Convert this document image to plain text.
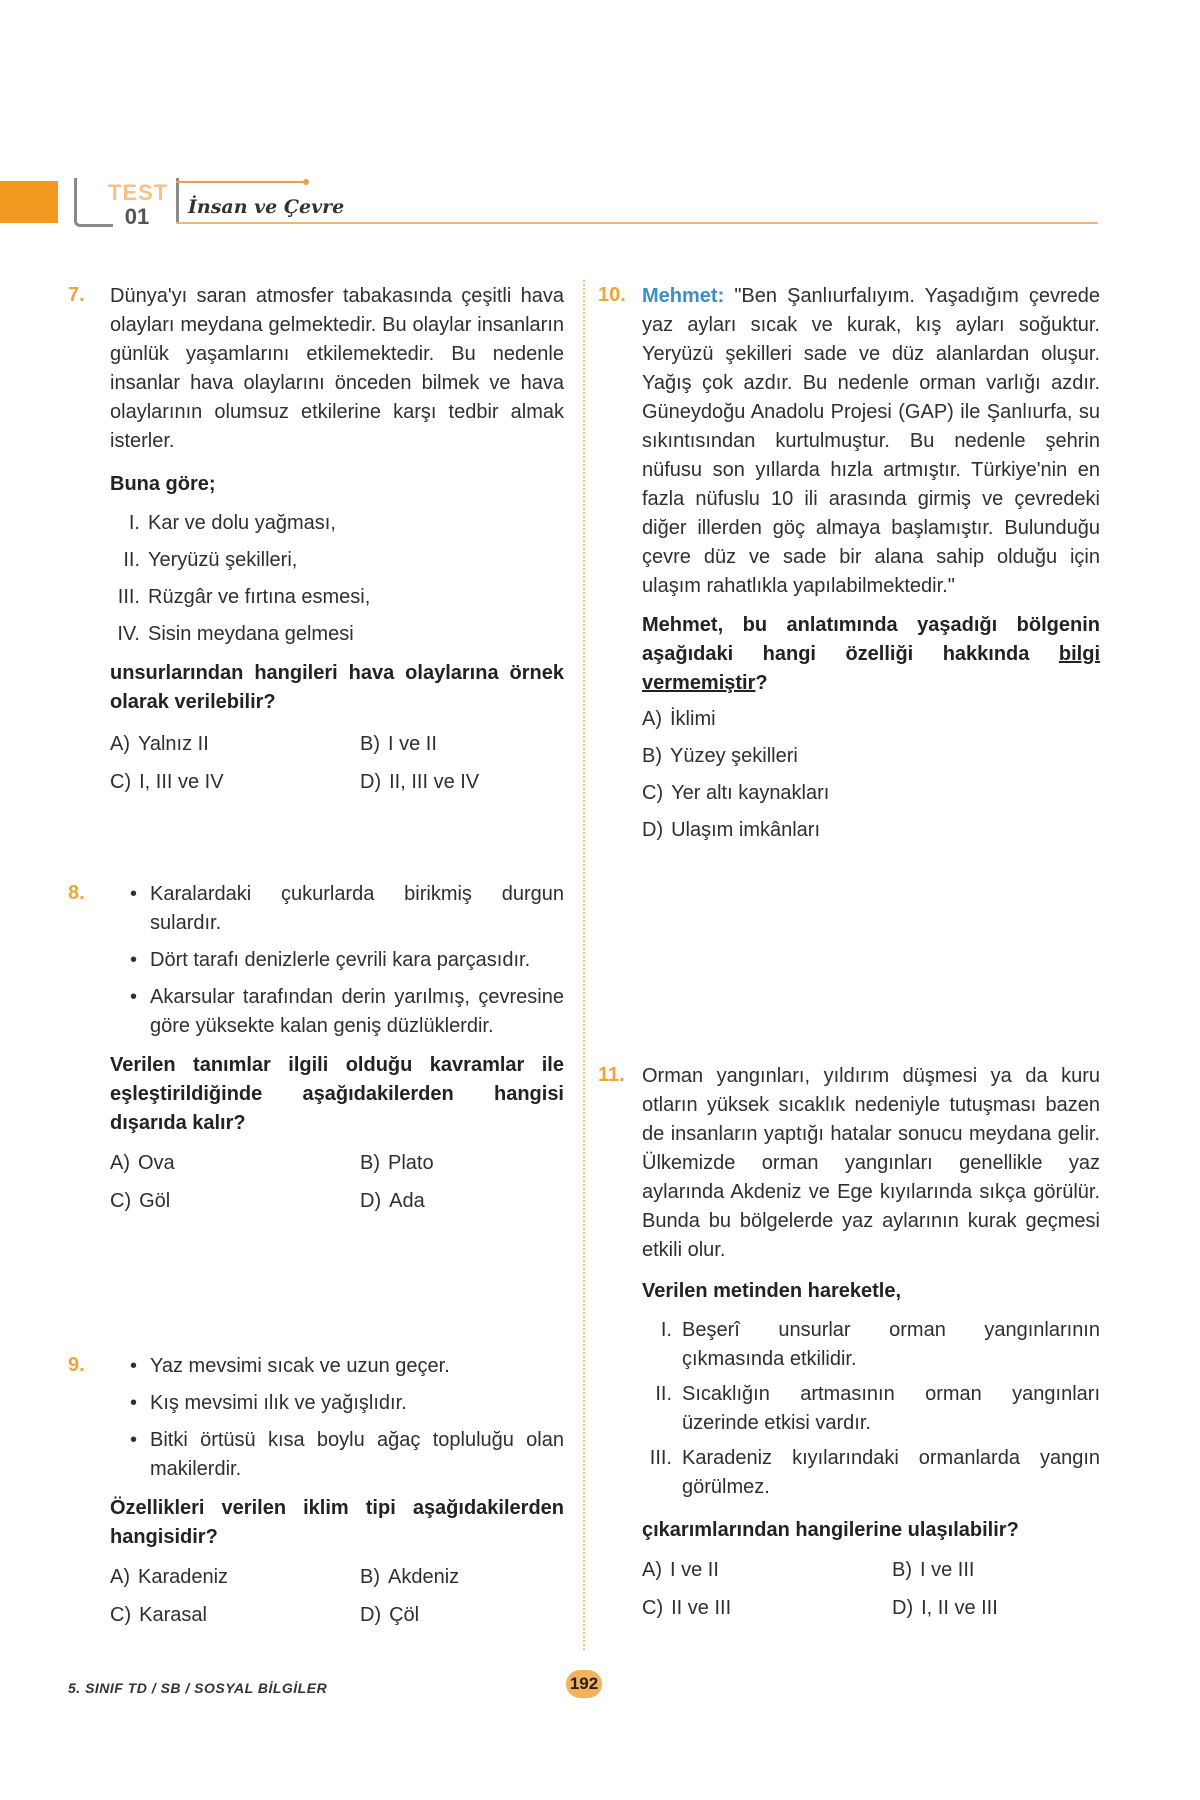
TEST
01	İnsan ve Çevre
7. Dünya'yı saran atmosfer tabakasında çeşitli hava olayları meydana gelmektedir. Bu olaylar insanların günlük yaşamlarını etkilemektedir. Bu nedenle insanlar hava olaylarını önceden bilmek ve hava olaylarının olumsuz etkilerine karşı tedbir almak isterler.
Buna göre;
I. Kar ve dolu yağması,
II. Yeryüzü şekilleri,
III. Rüzgâr ve fırtına esmesi,
IV. Sisin meydana gelmesi
unsurlarından hangileri hava olaylarına örnek olarak verilebilir?
A) Yalnız II	B) I ve II
C) I, III ve IV	D) II, III ve IV
8. • Karalardaki çukurlarda birikmiş durgun sulardır.
• Dört tarafı denizlerle çevrili kara parçasıdır.
• Akarsular tarafından derin yarılmış, çevresine göre yüksekte kalan geniş düzlüklerdir.
Verilen tanımlar ilgili olduğu kavramlar ile eşleştirildiğinde aşağıdakilerden hangisi dışarıda kalır?
A) Ova	B) Plato
C) Göl	D) Ada
9. • Yaz mevsimi sıcak ve uzun geçer.
• Kış mevsimi ılık ve yağışlıdır.
• Bitki örtüsü kısa boylu ağaç topluluğu olan makilerdir.
Özellikleri verilen iklim tipi aşağıdakilerden hangisidir?
A) Karadeniz	B) Akdeniz
C) Karasal	D) Çöl
10. Mehmet: "Ben Şanlıurfalıyım. Yaşadığım çevrede yaz ayları sıcak ve kurak, kış ayları soğuktur. Yeryüzü şekilleri sade ve düz alanlardan oluşur. Yağış çok azdır. Bu nedenle orman varlığı azdır. Güneydoğu Anadolu Projesi (GAP) ile Şanlıurfa, su sıkıntısından kurtulmuştur. Bu nedenle şehrin nüfusu son yıllarda hızla artmıştır. Türkiye'nin en fazla nüfuslu 10 ili arasında girmiş ve çevredeki diğer illerden göç almaya başlamıştır. Bulunduğu çevre düz ve sade bir alana sahip olduğu için ulaşım rahatlıkla yapılabilmektedir."
Mehmet, bu anlatımında yaşadığı bölgenin aşağıdaki hangi özelliği hakkında bilgi vermemiştir?
A) İklimi
B) Yüzey şekilleri
C) Yer altı kaynakları
D) Ulaşım imkânları
11. Orman yangınları, yıldırım düşmesi ya da kuru otların yüksek sıcaklık nedeniyle tutuşması bazen de insanların yaptığı hatalar sonucu meydana gelir. Ülkemizde orman yangınları genellikle yaz aylarında Akdeniz ve Ege kıyılarında sıkça görülür. Bunda bu bölgelerde yaz aylarının kurak geçmesi etkili olur.
Verilen metinden hareketle,
I. Beşerî unsurlar orman yangınlarının çıkmasında etkilidir.
II. Sıcaklığın artmasının orman yangınları üzerinde etkisi vardır.
III. Karadeniz kıyılarındaki ormanlarda yangın görülmez.
çıkarımlarından hangilerine ulaşılabilir?
A) I ve II	B) I ve III
C) II ve III	D) I, II ve III
5. SINIF TD / SB / SOSYAL BİLGİLER	192
